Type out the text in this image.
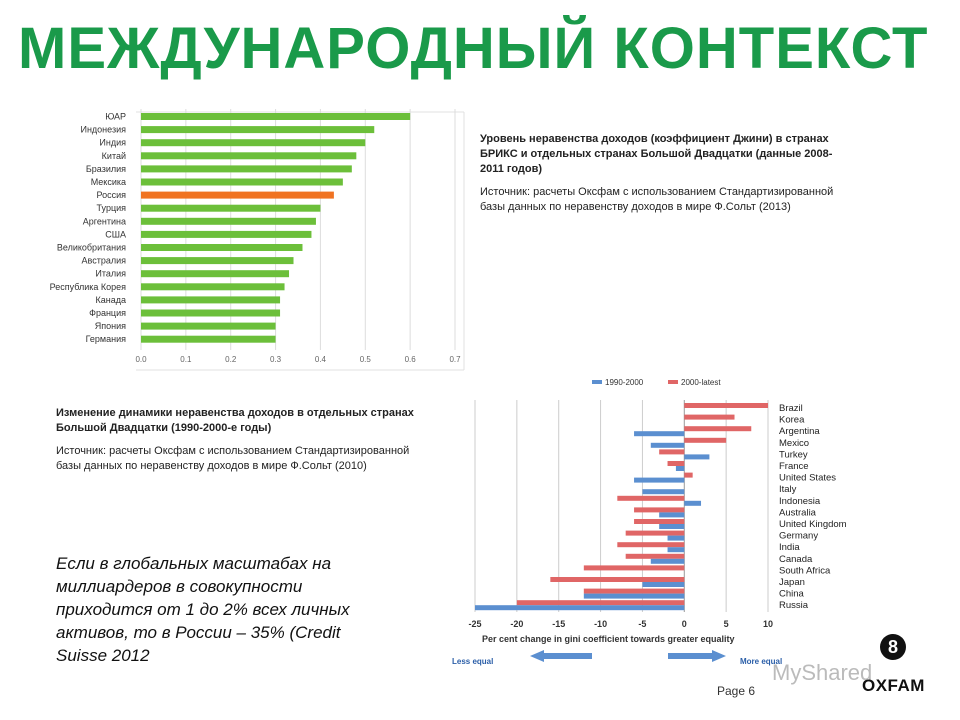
МЕЖДУНАРОДНЫЙ КОНТЕКСТ
0.0	0.1	0.2	0.3	0.4	0.5	0.6	0.7
ЮАР
Индонезия
Индия
Китай
Бразилия
Мексика
Россия
Турция
Аргентина
США
Великобритания
Австралия
Италия
Республика Корея
Канада
Франция
Япония
Германия
-25	-20	-15	-10	-5	0	5	10
Brazil
Korea
Argentina
Mexico
Turkey
France
United States
Italy
Indonesia
Australia
United Kingdom
Germany
India
Canada
South Africa
Japan
China
Russia
Per cent change in gini coefficient towards greater equality
1990-2000	2000-latest
Less equal	More equal
Уровень неравенства доходов (коэффициент Джини) в странах БРИКС и отдельных странах Большой Двадцатки (данные 2008-2011 годов)
Источник: расчеты Оксфам с использованием Стандартизированной базы данных по неравенству доходов в мире Ф.Сольт (2013)
Изменение динамики неравенства доходов в отдельных странах Большой Двадцатки (1990-2000-е годы)
Источник: расчеты Оксфам с использованием Стандартизированной базы данных по неравенству доходов в мире Ф.Сольт (2010)
Если в глобальных масштабах на миллиардеров в совокупности приходится от 1 до 2% всех личных активов, то в России – 35% (Credit Suisse 2012
Page 6
MyShared
8
OXFAM
